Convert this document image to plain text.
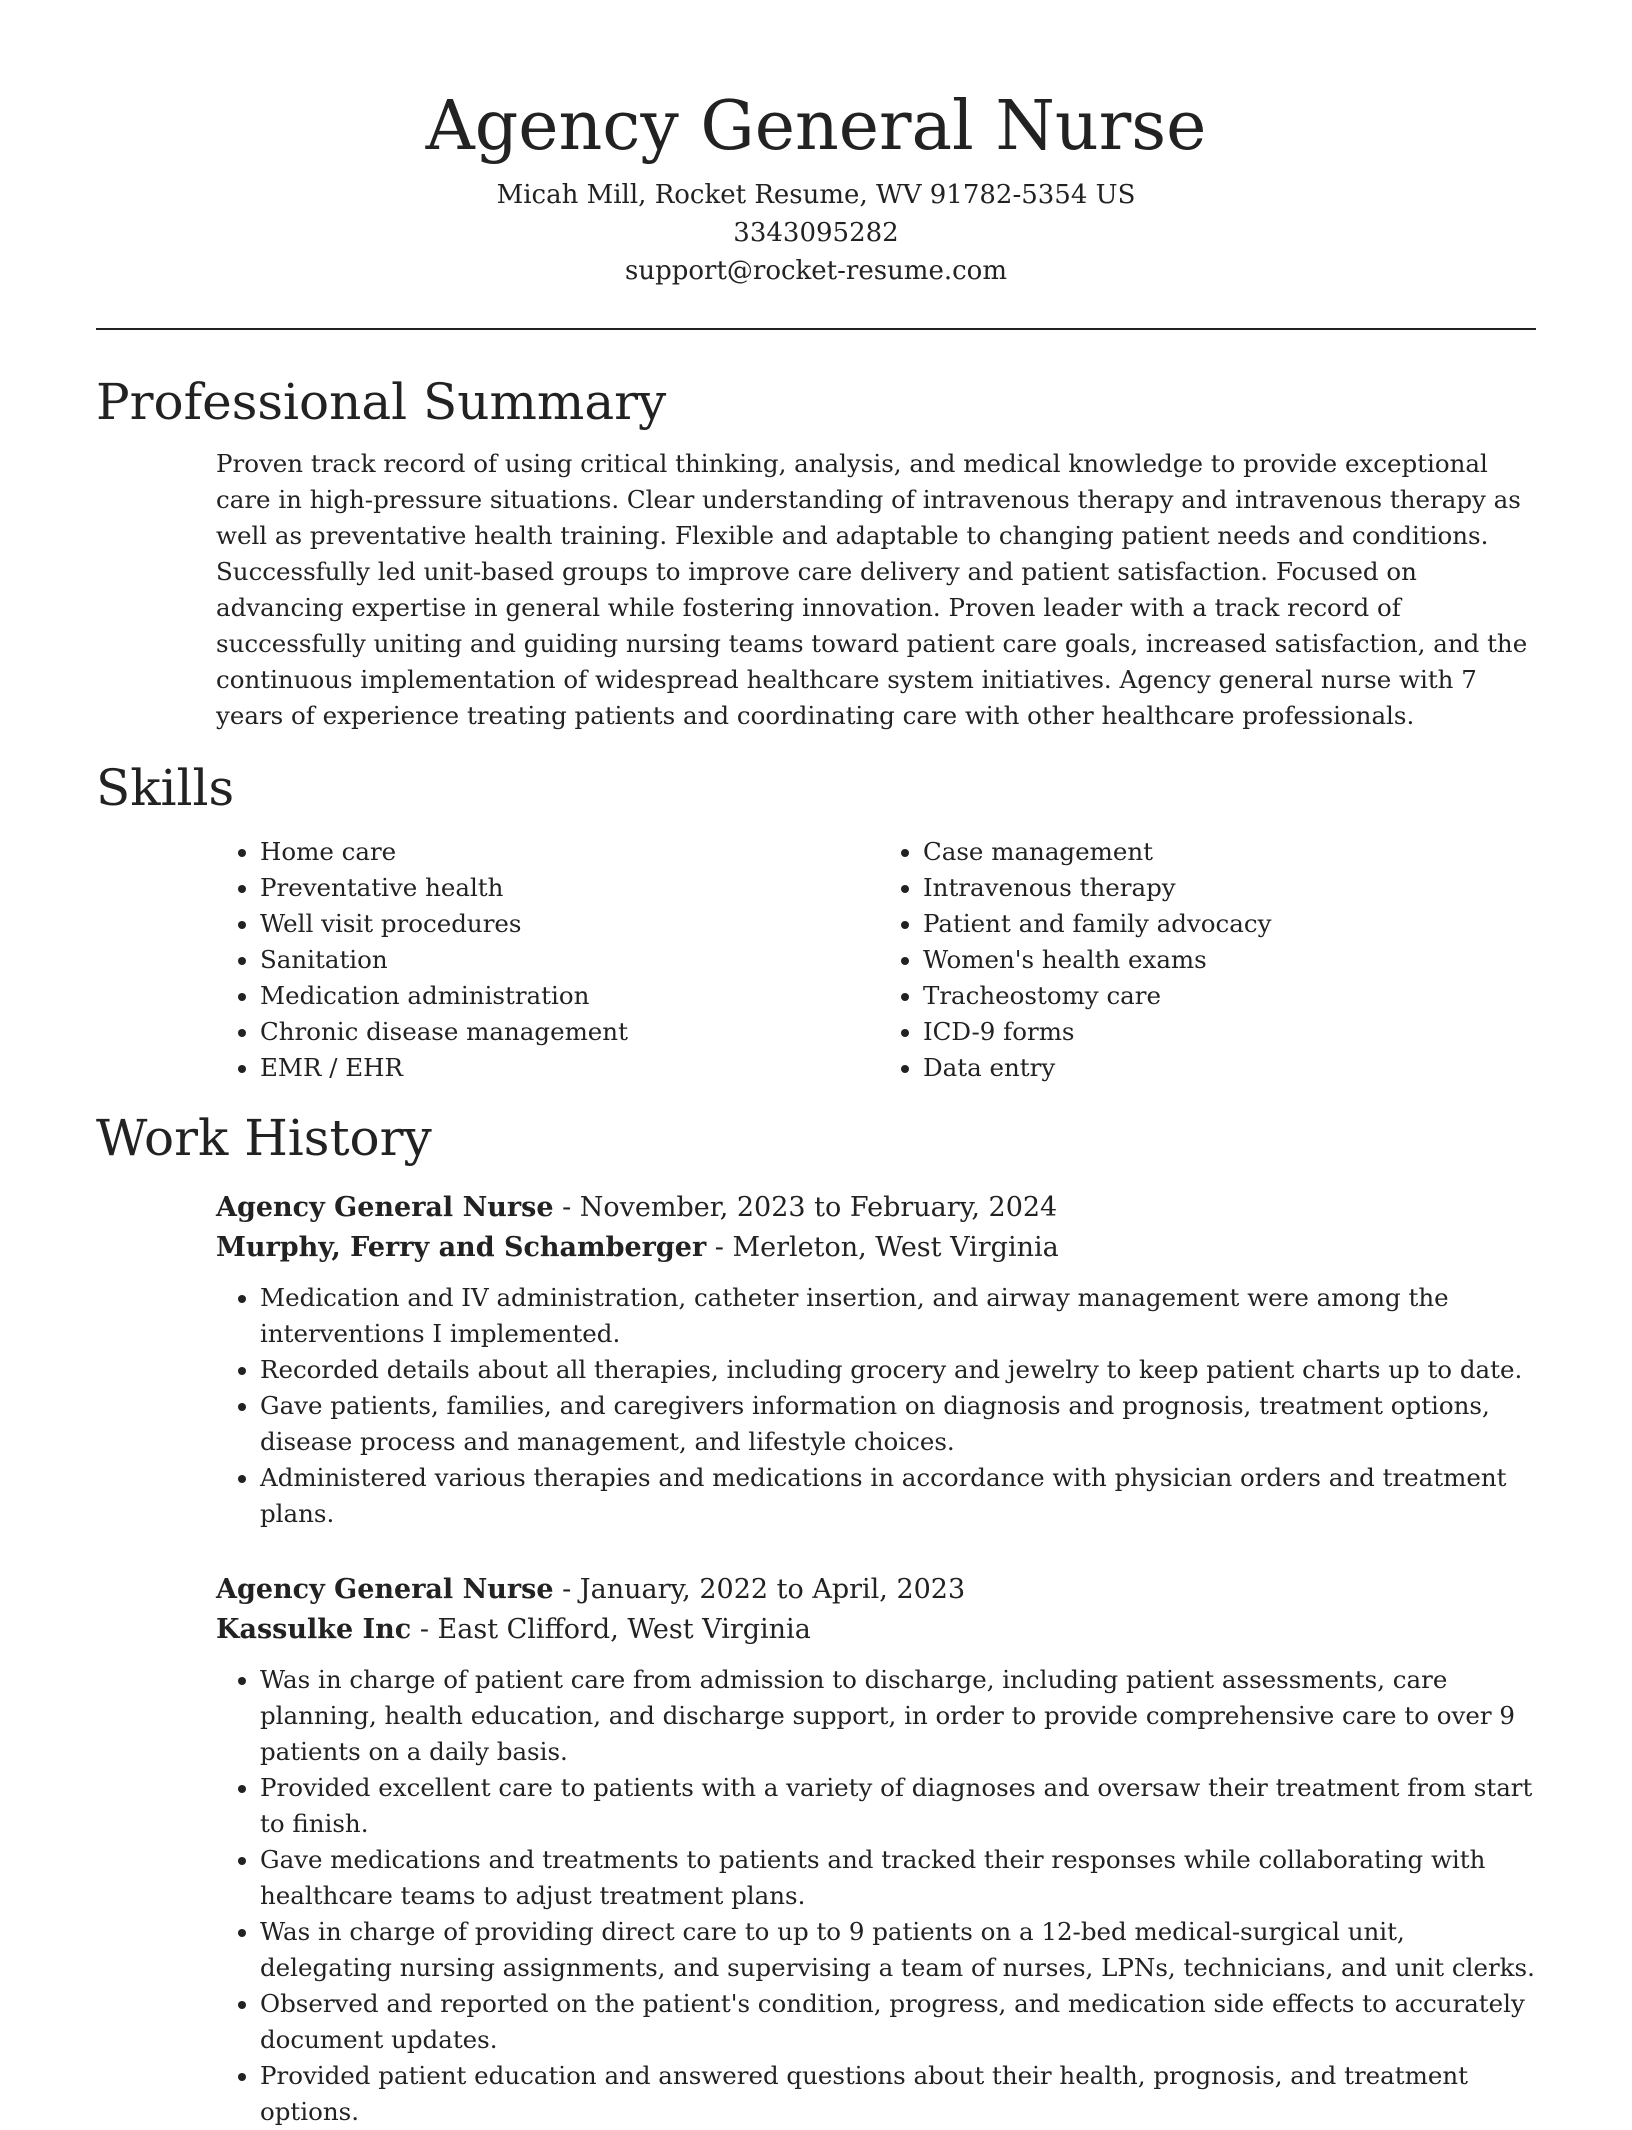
Agency General Nurse
Micah Mill, Rocket Resume, WV 91782-5354 US
3343095282
support@rocket-resume.com
Professional Summary
Proven track record of using critical thinking, analysis, and medical knowledge to provide exceptional care in high-pressure situations. Clear understanding of intravenous therapy and intravenous therapy as well as preventative health training. Flexible and adaptable to changing patient needs and conditions. Successfully led unit-based groups to improve care delivery and patient satisfaction. Focused on advancing expertise in general while fostering innovation. Proven leader with a track record of successfully uniting and guiding nursing teams toward patient care goals, increased satisfaction, and the continuous implementation of widespread healthcare system initiatives. Agency general nurse with 7 years of experience treating patients and coordinating care with other healthcare professionals.
Skills
• Home care
• Preventative health
• Well visit procedures
• Sanitation
• Medication administration
• Chronic disease management
• EMR / EHR
• Case management
• Intravenous therapy
• Patient and family advocacy
• Women's health exams
• Tracheostomy care
• ICD-9 forms
• Data entry
Work History
Agency General Nurse - November, 2023 to February, 2024
Murphy, Ferry and Schamberger - Merleton, West Virginia
• Medication and IV administration, catheter insertion, and airway management were among the interventions I implemented.
• Recorded details about all therapies, including grocery and jewelry to keep patient charts up to date.
• Gave patients, families, and caregivers information on diagnosis and prognosis, treatment options, disease process and management, and lifestyle choices.
• Administered various therapies and medications in accordance with physician orders and treatment plans.
Agency General Nurse - January, 2022 to April, 2023
Kassulke Inc - East Clifford, West Virginia
• Was in charge of patient care from admission to discharge, including patient assessments, care planning, health education, and discharge support, in order to provide comprehensive care to over 9 patients on a daily basis.
• Provided excellent care to patients with a variety of diagnoses and oversaw their treatment from start to finish.
• Gave medications and treatments to patients and tracked their responses while collaborating with healthcare teams to adjust treatment plans.
• Was in charge of providing direct care to up to 9 patients on a 12-bed medical-surgical unit, delegating nursing assignments, and supervising a team of nurses, LPNs, technicians, and unit clerks.
• Observed and reported on the patient's condition, progress, and medication side effects to accurately document updates.
• Provided patient education and answered questions about their health, prognosis, and treatment options.
